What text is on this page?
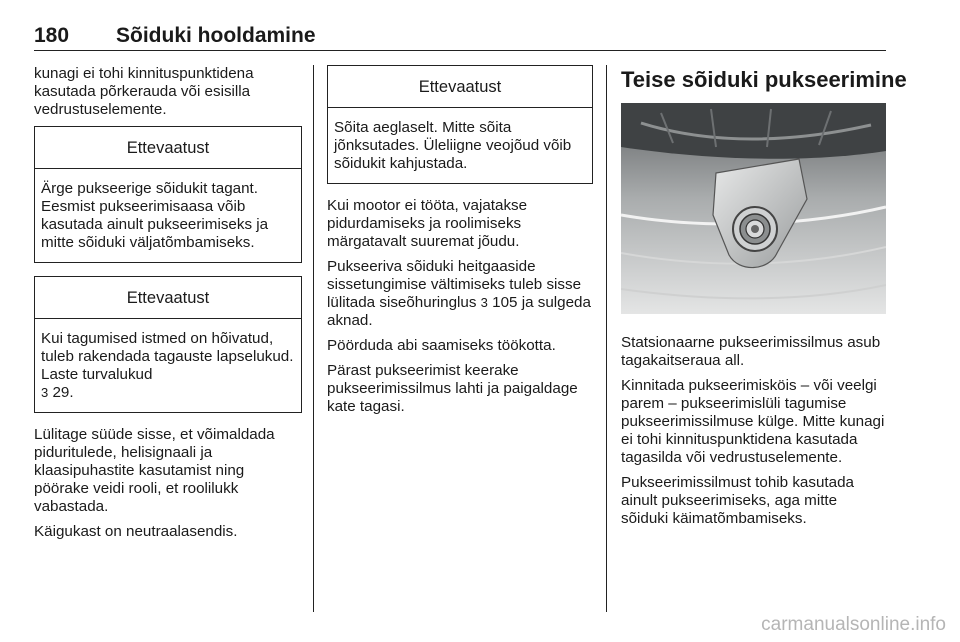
180 Sõiduki hooldamine

kunagi ei tohi kinnituspunktidena kasutada põrkerauda või esisilla vedrustuselemente.

Ettevaatust

Ärge pukseerige sõidukit tagant. Eesmist pukseerimisaasa võib kasutada ainult pukseerimiseks ja mitte sõiduki väljatõmbamiseks.

Ettevaatust

Kui tagumised istmed on hõivatud, tuleb rakendada tagauste lapselukud. Laste turvalukud
3 29.

Lülitage süüde sisse, et võimaldada piduritulede, helisignaali ja klaasipuhastite kasutamist ning pöörake veidi rooli, et roolilukk vabastada.

Käigukast on neutraalasendis.

Ettevaatust

Sõita aeglaselt. Mitte sõita jõnksutades. Üleliigne veojõud võib sõidukit kahjustada.

Kui mootor ei tööta, vajatakse pidurdamiseks ja roolimiseks märgatavalt suuremat jõudu.

Pukseeriva sõiduki heitgaaside sissetungimise vältimiseks tuleb sisse lülitada siseõhuringlus 3 105 ja sulgeda aknad.

Pöörduda abi saamiseks töökotta.

Pärast pukseerimist keerake pukseerimissilmus lahti ja paigaldage kate tagasi.

Teise sõiduki pukseerimine

Statsionaarne pukseerimissilmus asub tagakaitseraua all.

Kinnitada pukseerimisköis – või veelgi parem – pukseerimislüli tagumise pukseerimissilmuse külge. Mitte kunagi ei tohi kinnituspunktidena kasutada tagasilda või vedrustuselemente.

Pukseerimissilmust tohib kasutada ainult pukseerimiseks, aga mitte sõiduki käimatõmbamiseks.

carmanualsonline.info
